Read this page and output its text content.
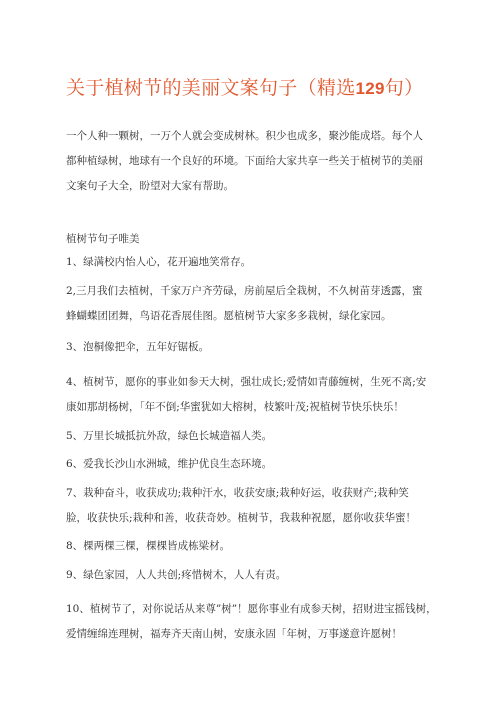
关于植树节的美丽文案句子（精选129句）
一个人种一颗树，一万个人就会变成树林。积少也成多，聚沙能成塔。每个人
都种植绿树，地球有一个良好的环境。下面给大家共享一些关于植树节的美丽
文案句子大全，盼望对大家有帮助。
植树节句子唯美
1、绿满校内怡人心，花开遍地笑常存。
2,三月我们去植树，千家万户齐劳碌，房前屋后全栽树，不久树苗芽透露，蜜
蜂蝴蝶团团舞，鸟语花香展佳图。愿植树节大家多多栽树，绿化家园。
3、泡桐像把伞，五年好锯板。
4、植树节，愿你的事业如参天大树，强壮成长;爱情如青藤缠树，生死不离;安
康如那胡杨树，「年不倒;华蜜犹如大榕树，枝繁叶茂;祝植树节快乐快乐！
5、万里长城抵抗外敌，绿色长城造福人类。
6、爱我长沙山水洲城，维护优良生态环境。
7、栽种奋斗，收获成功;栽种汗水，收获安康;栽种好运，收获财产;栽种笑
脸，收获快乐;栽种和善，收获奇妙。植树节，我栽种祝愿，愿你收获华蜜！
8、棵两棵三棵，棵棵皆成栋梁材。
9、绿色家园，人人共创;疼惜树木，人人有责。
10、植树节了，对你说话从来尊”树”！愿你事业有成参天树，招财进宝摇钱树，
爱情缠绵连理树，福寿齐天南山树，安康永固「年树，万事遂意许愿树！
